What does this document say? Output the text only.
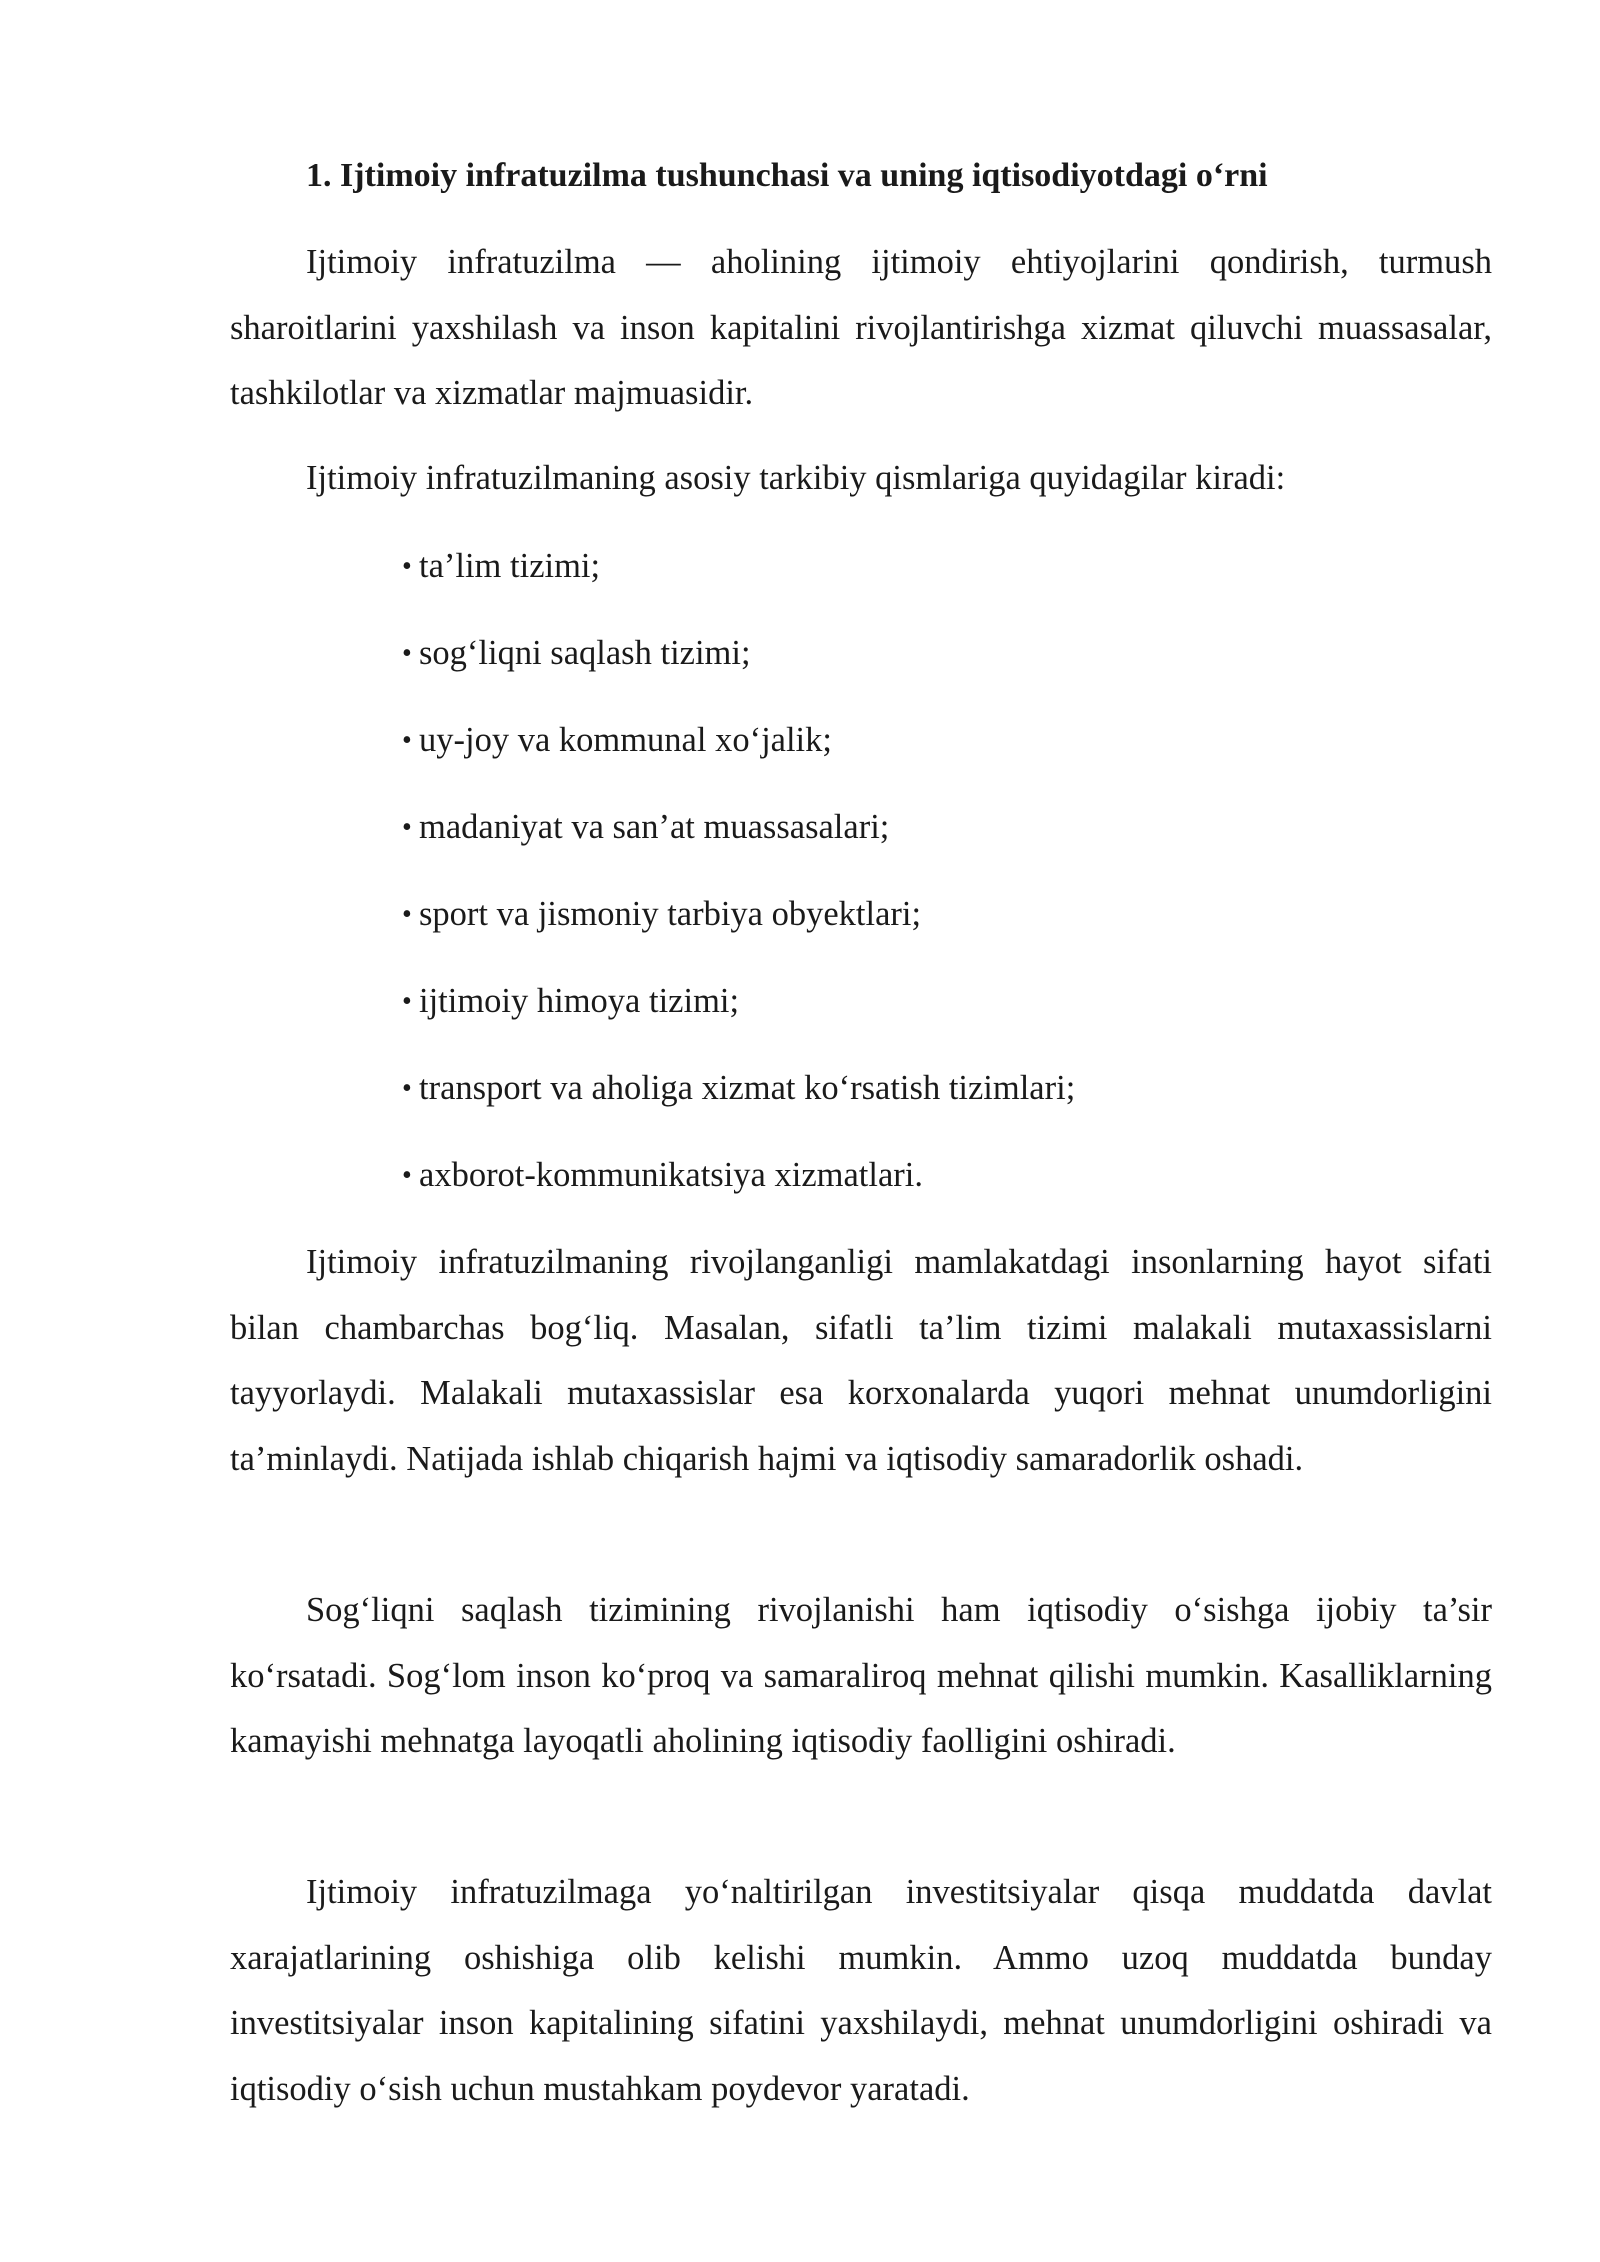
1. Ijtimoiy infratuzilma tushunchasi va uning iqtisodiyotdagi o‘rni

Ijtimoiy infratuzilma — aholining ijtimoiy ehtiyojlarini qondirish, turmush sharoitlarini yaxshilash va inson kapitalini rivojlantirishga xizmat qiluvchi muassasalar, tashkilotlar va xizmatlar majmuasidir.

Ijtimoiy infratuzilmaning asosiy tarkibiy qismlariga quyidagilar kiradi:

• ta’lim tizimi;
• sog‘liqni saqlash tizimi;
• uy-joy va kommunal xo‘jalik;
• madaniyat va san’at muassasalari;
• sport va jismoniy tarbiya obyektlari;
• ijtimoiy himoya tizimi;
• transport va aholiga xizmat ko‘rsatish tizimlari;
• axborot-kommunikatsiya xizmatlari.

Ijtimoiy infratuzilmaning rivojlanganligi mamlakatdagi insonlarning hayot sifati bilan chambarchas bog‘liq. Masalan, sifatli ta’lim tizimi malakali mutaxassislarni tayyorlaydi. Malakali mutaxassislar esa korxonalarda yuqori mehnat unumdorligini ta’minlaydi. Natijada ishlab chiqarish hajmi va iqtisodiy samaradorlik oshadi.

Sog‘liqni saqlash tizimining rivojlanishi ham iqtisodiy o‘sishga ijobiy ta’sir ko‘rsatadi. Sog‘lom inson ko‘proq va samaraliroq mehnat qilishi mumkin. Kasalliklarning kamayishi mehnatga layoqatli aholining iqtisodiy faolligini oshiradi.

Ijtimoiy infratuzilmaga yo‘naltirilgan investitsiyalar qisqa muddatda davlat xarajatlarining oshishiga olib kelishi mumkin. Ammo uzoq muddatda bunday investitsiyalar inson kapitalining sifatini yaxshilaydi, mehnat unumdorligini oshiradi va iqtisodiy o‘sish uchun mustahkam poydevor yaratadi.
